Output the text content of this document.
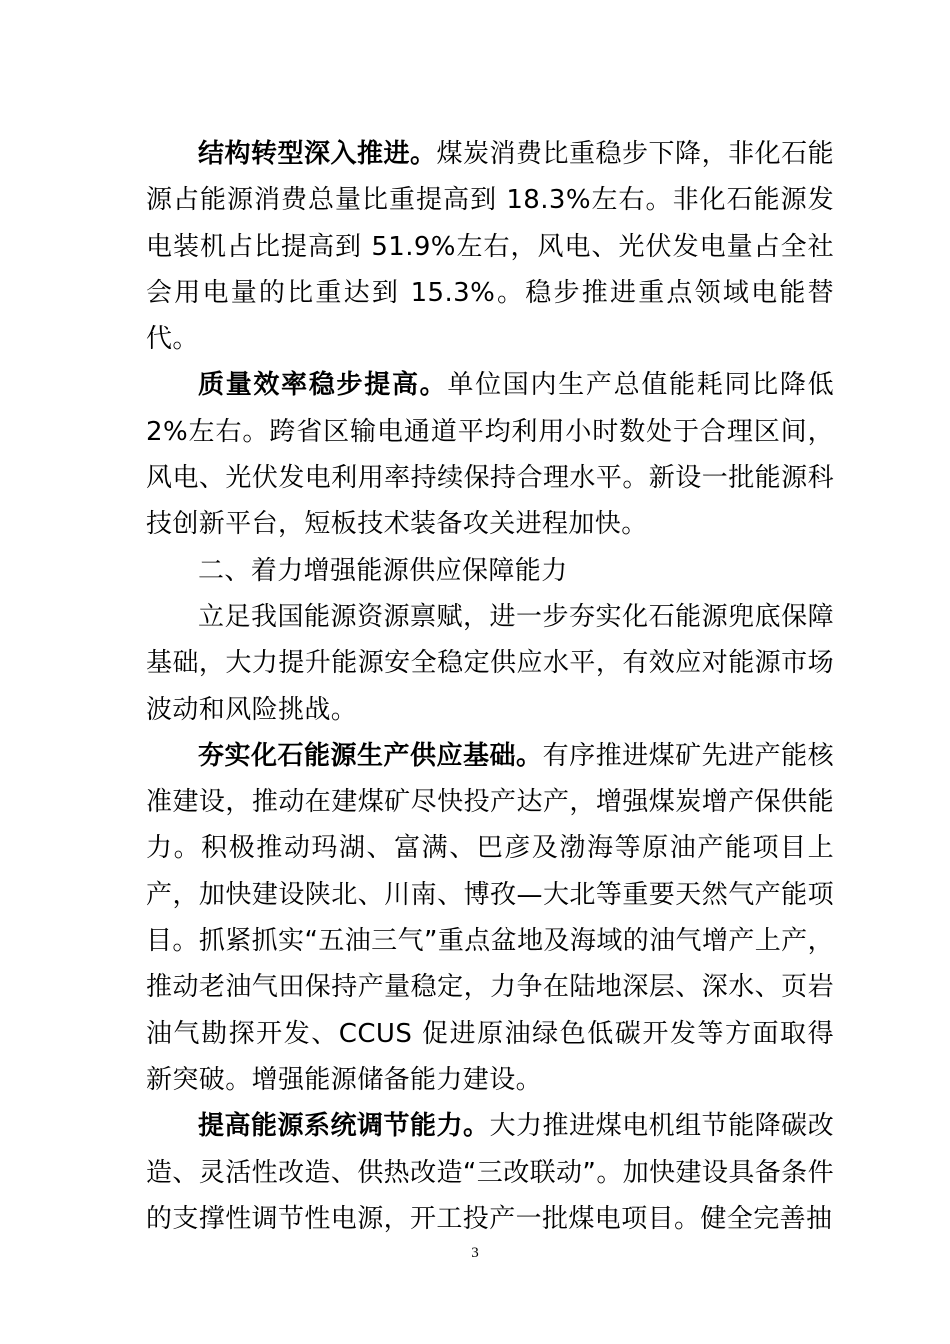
结构转型深入推进。煤炭消费比重稳步下降，非化石能源占能源消费总量比重提高到 18.3%左右。非化石能源发电装机占比提高到 51.9%左右，风电、光伏发电量占全社会用电量的比重达到 15.3%。稳步推进重点领域电能替代。

质量效率稳步提高。单位国内生产总值能耗同比降低 2%左右。跨省区输电通道平均利用小时数处于合理区间，风电、光伏发电利用率持续保持合理水平。新设一批能源科技创新平台，短板技术装备攻关进程加快。

二、着力增强能源供应保障能力

立足我国能源资源禀赋，进一步夯实化石能源兜底保障基础，大力提升能源安全稳定供应水平，有效应对能源市场波动和风险挑战。

夯实化石能源生产供应基础。有序推进煤矿先进产能核准建设，推动在建煤矿尽快投产达产，增强煤炭增产保供能力。积极推动玛湖、富满、巴彦及渤海等原油产能项目上产，加快建设陕北、川南、博孜—大北等重要天然气产能项目。抓紧抓实“五油三气”重点盆地及海域的油气增产上产，推动老油气田保持产量稳定，力争在陆地深层、深水、页岩油气勘探开发、CCUS 促进原油绿色低碳开发等方面取得新突破。增强能源储备能力建设。

提高能源系统调节能力。大力推进煤电机组节能降碳改造、灵活性改造、供热改造“三改联动”。加快建设具备条件的支撑性调节性电源，开工投产一批煤电项目。健全完善抽

3
